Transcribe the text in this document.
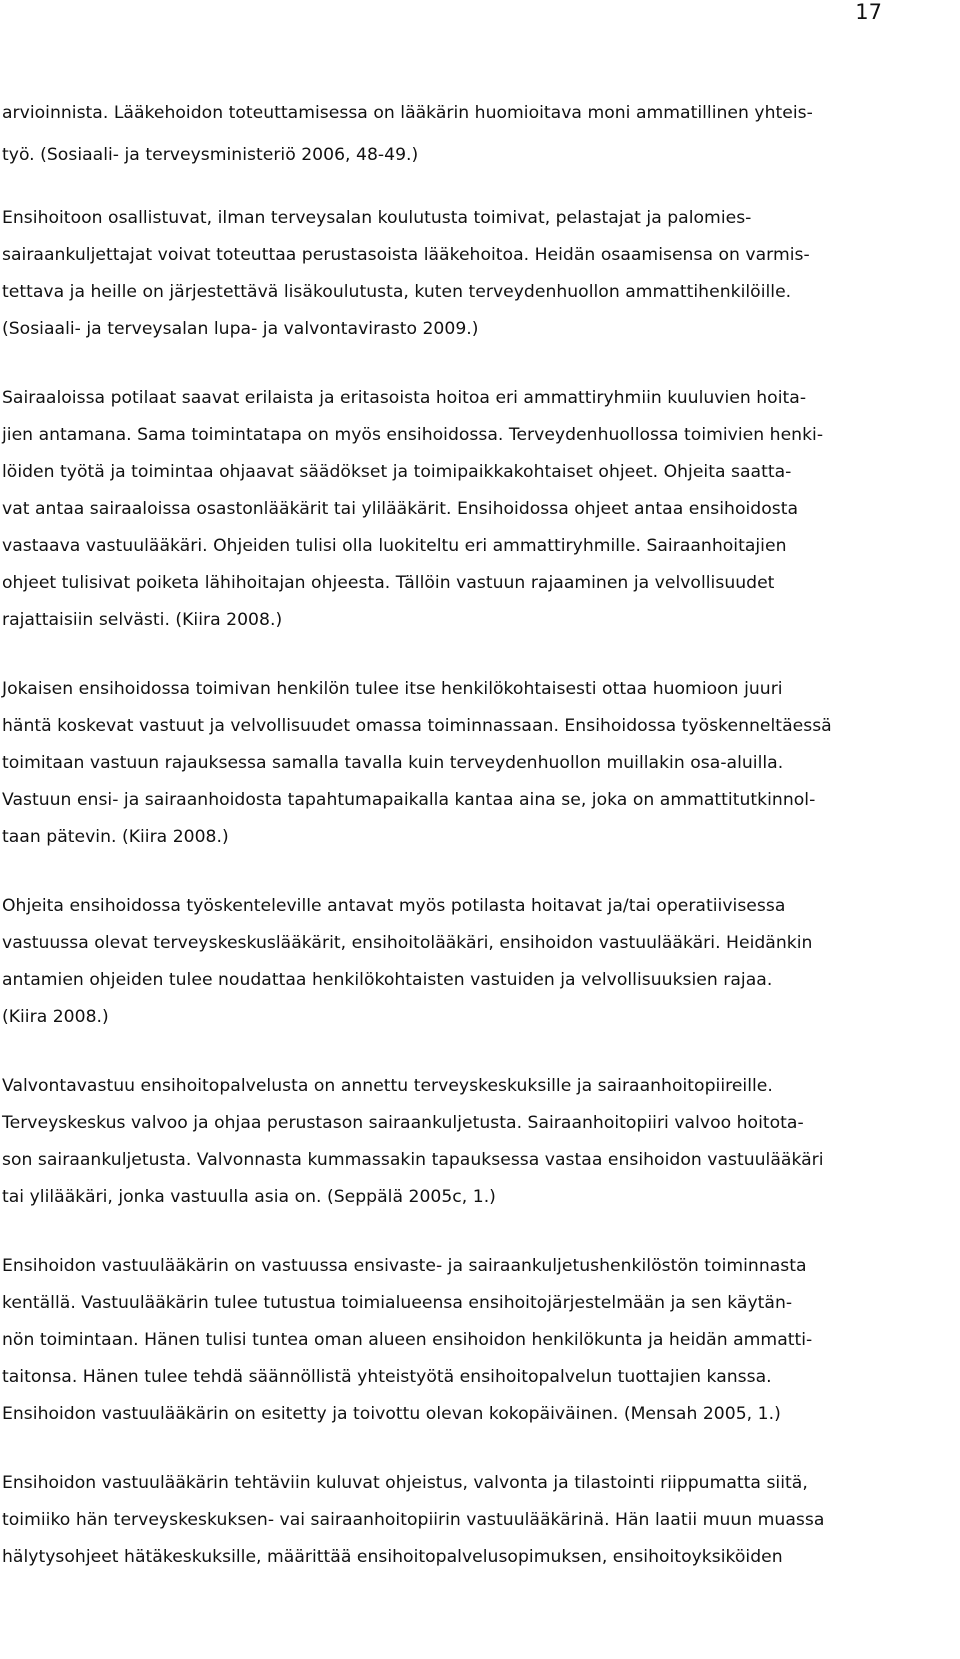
17
arvioinnista. Lääkehoidon toteuttamisessa on lääkärin huomioitava moni ammatillinen yhteis-
työ. (Sosiaali- ja terveysministeriö 2006, 48-49.)
Ensihoitoon osallistuvat, ilman terveysalan koulutusta toimivat, pelastajat ja palomies-
sairaankuljettajat voivat toteuttaa perustasoista lääkehoitoa. Heidän osaamisensa on varmis-
tettava ja heille on järjestettävä lisäkoulutusta, kuten terveydenhuollon ammattihenkilöille.
(Sosiaali- ja terveysalan lupa- ja valvontavirasto 2009.)
Sairaaloissa potilaat saavat erilaista ja eritasoista hoitoa eri ammattiryhmiin kuuluvien hoita-
jien antamana. Sama toimintatapa on myös ensihoidossa. Terveydenhuollossa toimivien henki-
löiden työtä ja toimintaa ohjaavat säädökset ja toimipaikkakohtaiset ohjeet. Ohjeita saatta-
vat antaa sairaaloissa osastonlääkärit tai ylilääkärit. Ensihoidossa ohjeet antaa ensihoidosta
vastaava vastuulääkäri. Ohjeiden tulisi olla luokiteltu eri ammattiryhmille. Sairaanhoitajien
ohjeet tulisivat poiketa lähihoitajan ohjeesta. Tällöin vastuun rajaaminen ja velvollisuudet
rajattaisiin selvästi. (Kiira 2008.)
Jokaisen ensihoidossa toimivan henkilön tulee itse henkilökohtaisesti ottaa huomioon juuri
häntä koskevat vastuut ja velvollisuudet omassa toiminnassaan. Ensihoidossa työskenneltäessä
toimitaan vastuun rajauksessa samalla tavalla kuin terveydenhuollon muillakin osa-aluilla.
Vastuun ensi- ja sairaanhoidosta tapahtumapaikalla kantaa aina se, joka on ammattitutkinnol-
taan pätevin. (Kiira 2008.)
Ohjeita ensihoidossa työskenteleville antavat myös potilasta hoitavat ja/tai operatiivisessa
vastuussa olevat terveyskeskuslääkärit, ensihoitolääkäri, ensihoidon vastuulääkäri. Heidänkin
antamien ohjeiden tulee noudattaa henkilökohtaisten vastuiden ja velvollisuuksien rajaa.
(Kiira 2008.)
Valvontavastuu ensihoitopalvelusta on annettu terveyskeskuksille ja sairaanhoitopiireille.
Terveyskeskus valvoo ja ohjaa perustason sairaankuljetusta. Sairaanhoitopiiri valvoo hoitota-
son sairaankuljetusta. Valvonnasta kummassakin tapauksessa vastaa ensihoidon vastuulääkäri
tai ylilääkäri, jonka vastuulla asia on. (Seppälä 2005c, 1.)
Ensihoidon vastuulääkärin on vastuussa ensivaste- ja sairaankuljetushenkilöstön toiminnasta
kentällä. Vastuulääkärin tulee tutustua toimialueensa ensihoitojärjestelmään ja sen käytän-
nön toimintaan. Hänen tulisi tuntea oman alueen ensihoidon henkilökunta ja heidän ammatti-
taitonsa. Hänen tulee tehdä säännöllistä yhteistyötä ensihoitopalvelun tuottajien kanssa.
Ensihoidon vastuulääkärin on esitetty ja toivottu olevan kokopäiväinen. (Mensah 2005, 1.)
Ensihoidon vastuulääkärin tehtäviin kuluvat ohjeistus, valvonta ja tilastointi riippumatta siitä,
toimiiko hän terveyskeskuksen- vai sairaanhoitopiirin vastuulääkärinä. Hän laatii muun muassa
hälytysohjeet hätäkeskuksille, määrittää ensihoitopalvelusopimuksen, ensihoitoyksiköiden
